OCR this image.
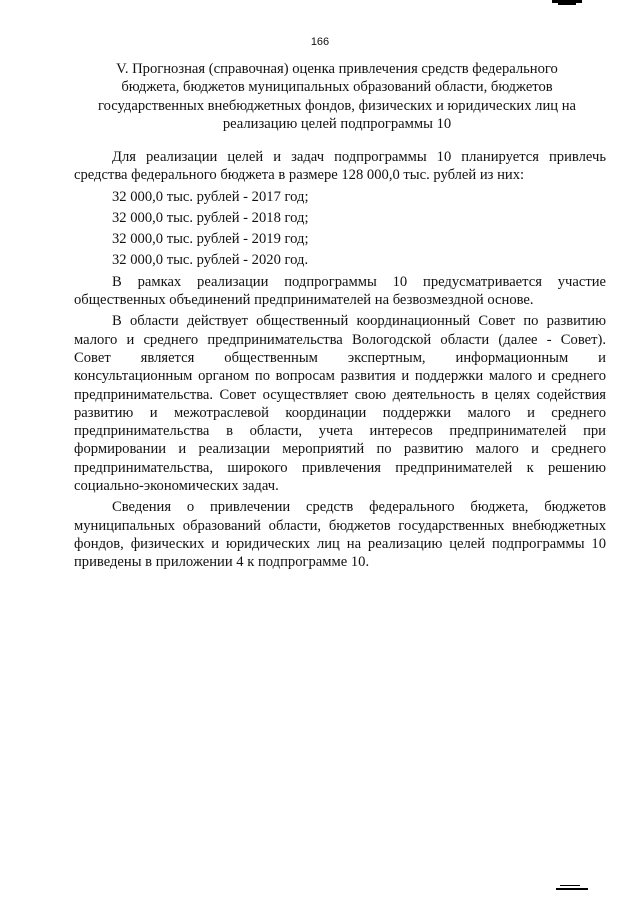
166
V. Прогнозная (справочная) оценка привлечения средств федерального
бюджета, бюджетов муниципальных образований области, бюджетов
государственных внебюджетных фондов, физических и юридических лиц на
реализацию целей подпрограммы 10

Для реализации целей и задач подпрограммы 10 планируется привлечь
средства федерального бюджета в размере 128 000,0 тыс. рублей из них:

32 000,0 тыс. рублей - 2017 год;
32 000,0 тыс. рублей - 2018 год;
32 000,0 тыс. рублей - 2019 год;
32 000,0 тыс. рублей - 2020 год.

В рамках реализации подпрограммы 10 предусматривается участие
общественных объединений предпринимателей на безвозмездной основе.

В области действует общественный координационный Совет по развитию
малого и среднего предпринимательства Вологодской области (далее - Совет).
Совет является общественным экспертным, информационным и
консультационным органом по вопросам развития и поддержки малого и среднего
предпринимательства. Совет осуществляет свою деятельность в целях содействия
развитию и межотраслевой координации поддержки малого и среднего
предпринимательства в области, учета интересов предпринимателей при
формировании и реализации мероприятий по развитию малого и среднего
предпринимательства, широкого привлечения предпринимателей к решению
социально-экономических задач.

Сведения о привлечении средств федерального бюджета, бюджетов
муниципальных образований области, бюджетов государственных внебюджетных
фондов, физических и юридических лиц на реализацию целей подпрограммы 10
приведены в приложении 4 к подпрограмме 10.
